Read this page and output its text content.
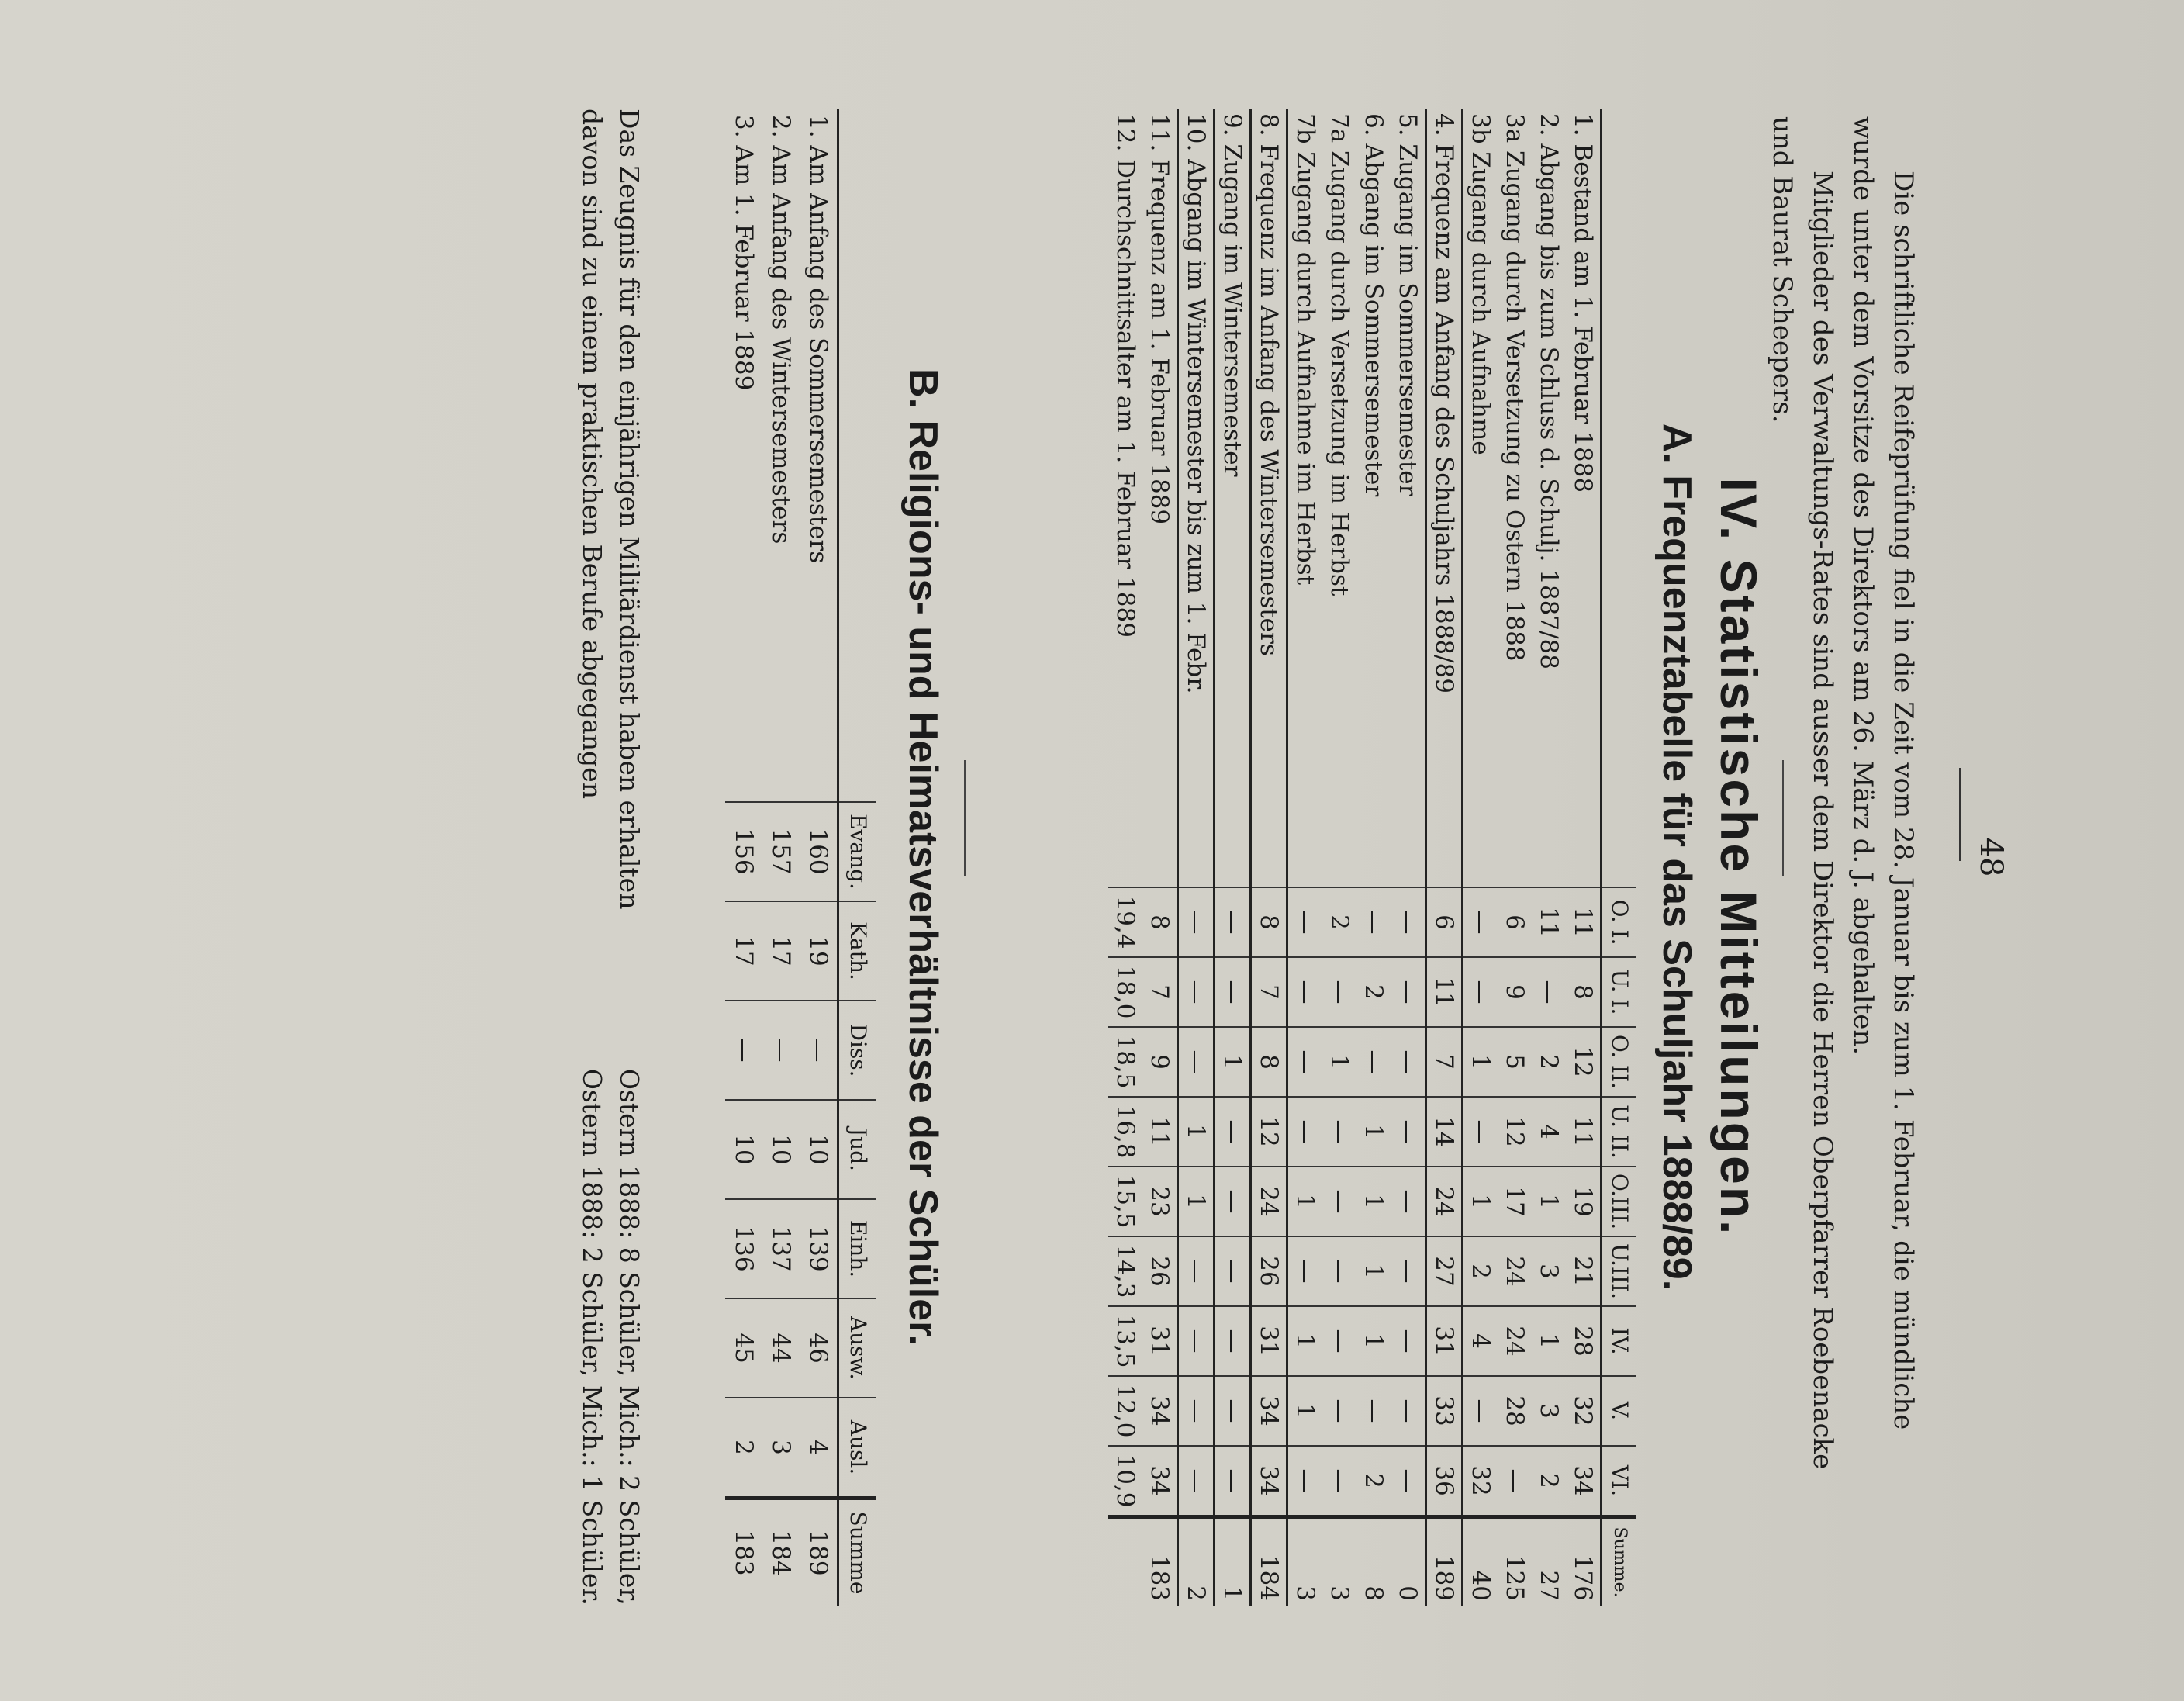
48

Die schriftliche Reifeprüfung fiel in die Zeit vom 28. Januar bis zum 1. Februar, die mündliche

wurde unter dem Vorsitze des Direktors am 26. März d. J. abgehalten.

Mitglieder des Verwaltungs-Rates sind ausser dem Direktor die Herren Oberpfarrer Roebenacke

und Baurat Scheepers.

IV. Statistische Mitteilungen.
A. Frequenztabelle für das Schuljahr 1888/89.
	O. I.	U. I.	O. II.	U. II.	O.III.	U.III.	IV.	V.	VI.	Summe.
1. Bestand am 1. Februar 1888	11	8	12	11	19	21	28	32	34	176
2. Abgang bis zum Schluss d. Schulj. 1887/88	11	—	2	4	1	3	1	3	2	27
3a Zugang durch Versetzung zu Ostern 1888	6	9	5	12	17	24	24	28	—	125
3b Zugang durch Aufnahme	—	—	1	—	1	2	4	—	32	40
4. Frequenz am Anfang des Schuljahrs 1888/89	6	11	7	14	24	27	31	33	36	189
5. Zugang im Sommersemester	—	—	—	—	—	—	—	—	—	0
6. Abgang im Sommersemester	—	2	—	1	1	1	1	—	2	8
7a Zugang durch Versetzung im Herbst	2	—	1	—	—	—	—	—	—	3
7b Zugang durch Aufnahme im Herbst	—	—	—	—	1	—	1	1	—	3
8. Frequenz im Anfang des Wintersemesters	8	7	8	12	24	26	31	34	34	184
9. Zugang im Wintersemester	—	—	1	—	—	—	—	—	—	1
10. Abgang im Wintersemester bis zum 1. Febr.	—	—	—	1	1	—	—	—	—	2
11. Frequenz am 1. Februar 1889	8	7	9	11	23	26	31	34	34	183
12. Durchschnittsalter am 1. Februar 1889	19,4	18,0	18,5	16,8	15,5	14,3	13,5	12,0	10,9	
B. Religions- und Heimatsverhältnisse der Schüler.
	Evang.	Kath.	Diss.	Jud.	Einh.	Ausw.	Ausl.	Summe
1. Am Anfang des Sommersemesters	160	19	—	10	139	46	4	189
2. Am Anfang des Wintersemesters	157	17	—	10	137	44	3	184
3. Am 1. Februar 1889	156	17	—	10	136	45	2	183
Das Zeugnis für den einjährigen Militärdienst haben erhalten
Ostern 1888: 8 Schüler, Mich.: 2 Schüler,
davon sind zu einem praktischen Berufe abgegangen
Ostern 1888: 2 Schüler, Mich.: 1 Schüler.
